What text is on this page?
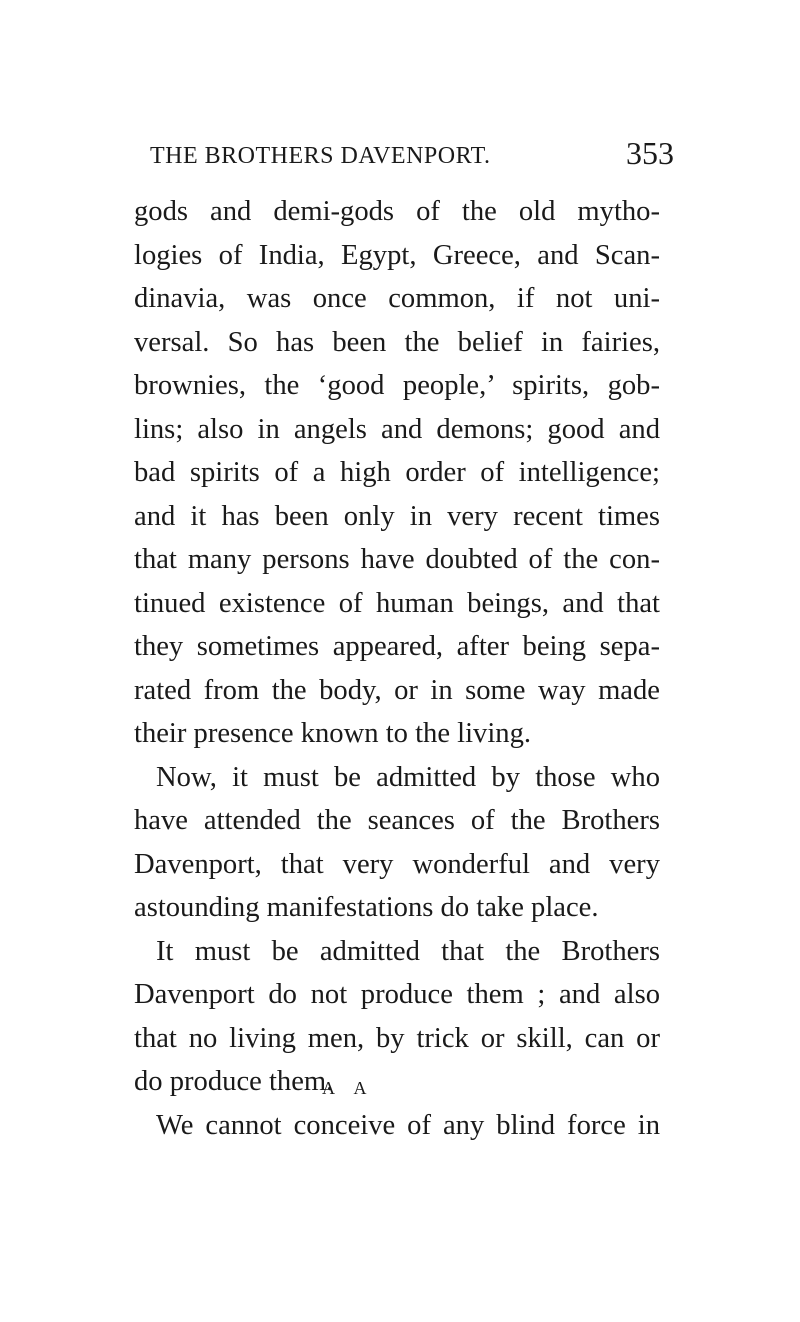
THE BROTHERS DAVENPORT.	353
gods and demi-gods of the old mytho-
logies of India, Egypt, Greece, and Scan-
dinavia, was once common, if not uni-
versal. So has been the belief in fairies,
brownies, the ‘good people,’ spirits, gob-
lins; also in angels and demons; good and
bad spirits of a high order of intelligence;
and it has been only in very recent times
that many persons have doubted of the con-
tinued existence of human beings, and that
they sometimes appeared, after being sepa-
rated from the body, or in some way made
their presence known to the living.
Now, it must be admitted by those who
have attended the seances of the Brothers
Davenport, that very wonderful and very
astounding manifestations do take place.
It must be admitted that the Brothers
Davenport do not produce them ; and also
that no living men, by trick or skill, can or
do produce them.
We cannot conceive of any blind force in
A A
